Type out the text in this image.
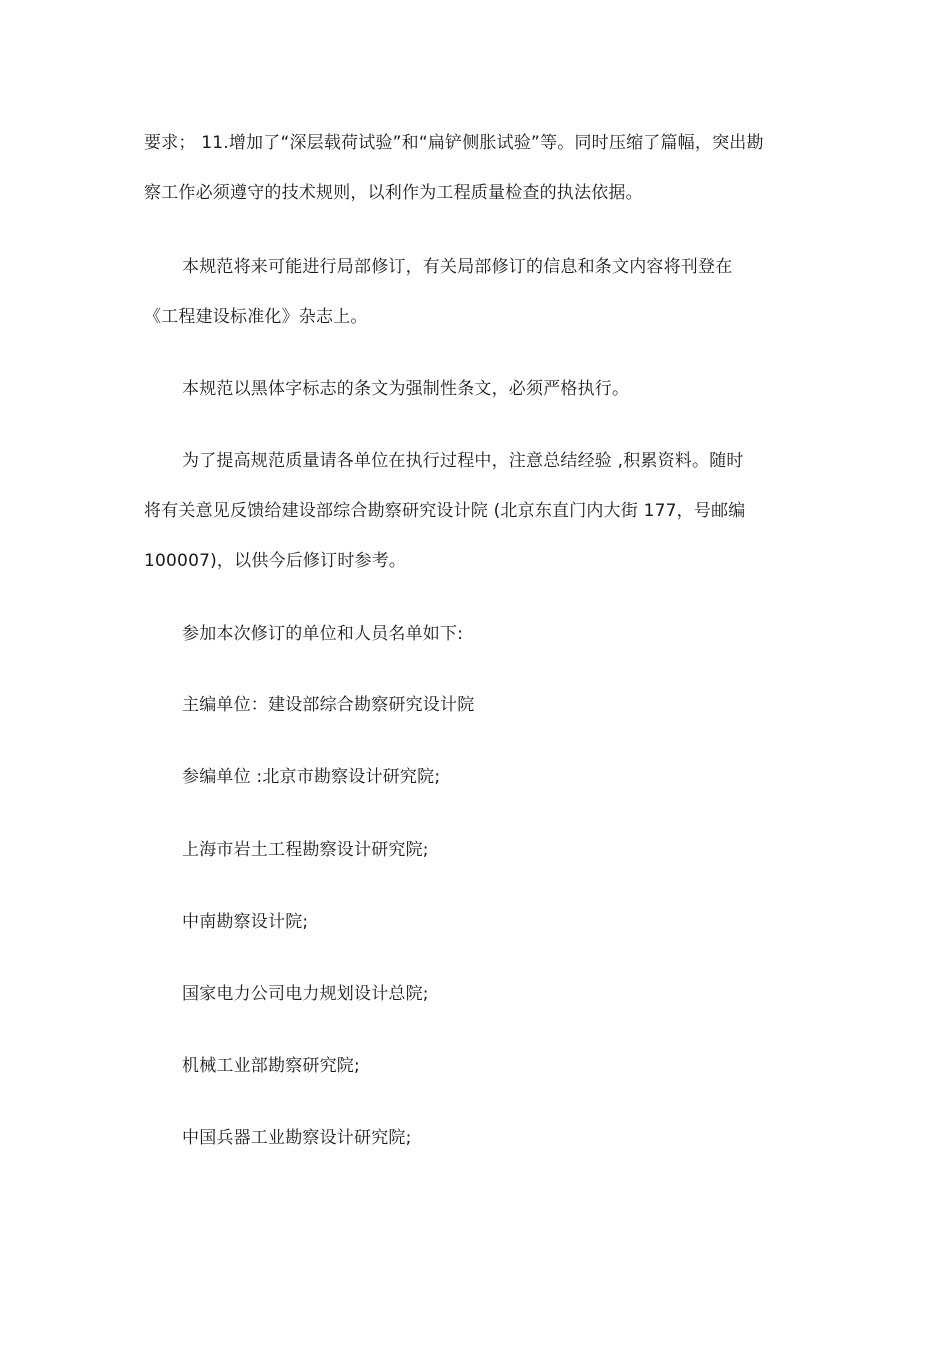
要求； 11.增加了“深层载荷试验”和“扁铲侧胀试验”等。同时压缩了篇幅，突出勘
察工作必须遵守的技术规则，以利作为工程质量检查的执法依据。
本规范将来可能进行局部修订，有关局部修订的信息和条文内容将刊登在
《工程建设标准化》杂志上。
本规范以黑体字标志的条文为强制性条文，必须严格执行。
为了提高规范质量请各单位在执行过程中，注意总结经验 ,积累资料。随时
将有关意见反馈给建设部综合勘察研究设计院 (北京东直门内大街 177，号邮编
100007)，以供今后修订时参考。
参加本次修订的单位和人员名单如下:
主编单位：建设部综合勘察研究设计院
参编单位 :北京市勘察设计研究院;
上海市岩土工程勘察设计研究院;
中南勘察设计院;
国家电力公司电力规划设计总院;
机械工业部勘察研究院;
中国兵器工业勘察设计研究院;
